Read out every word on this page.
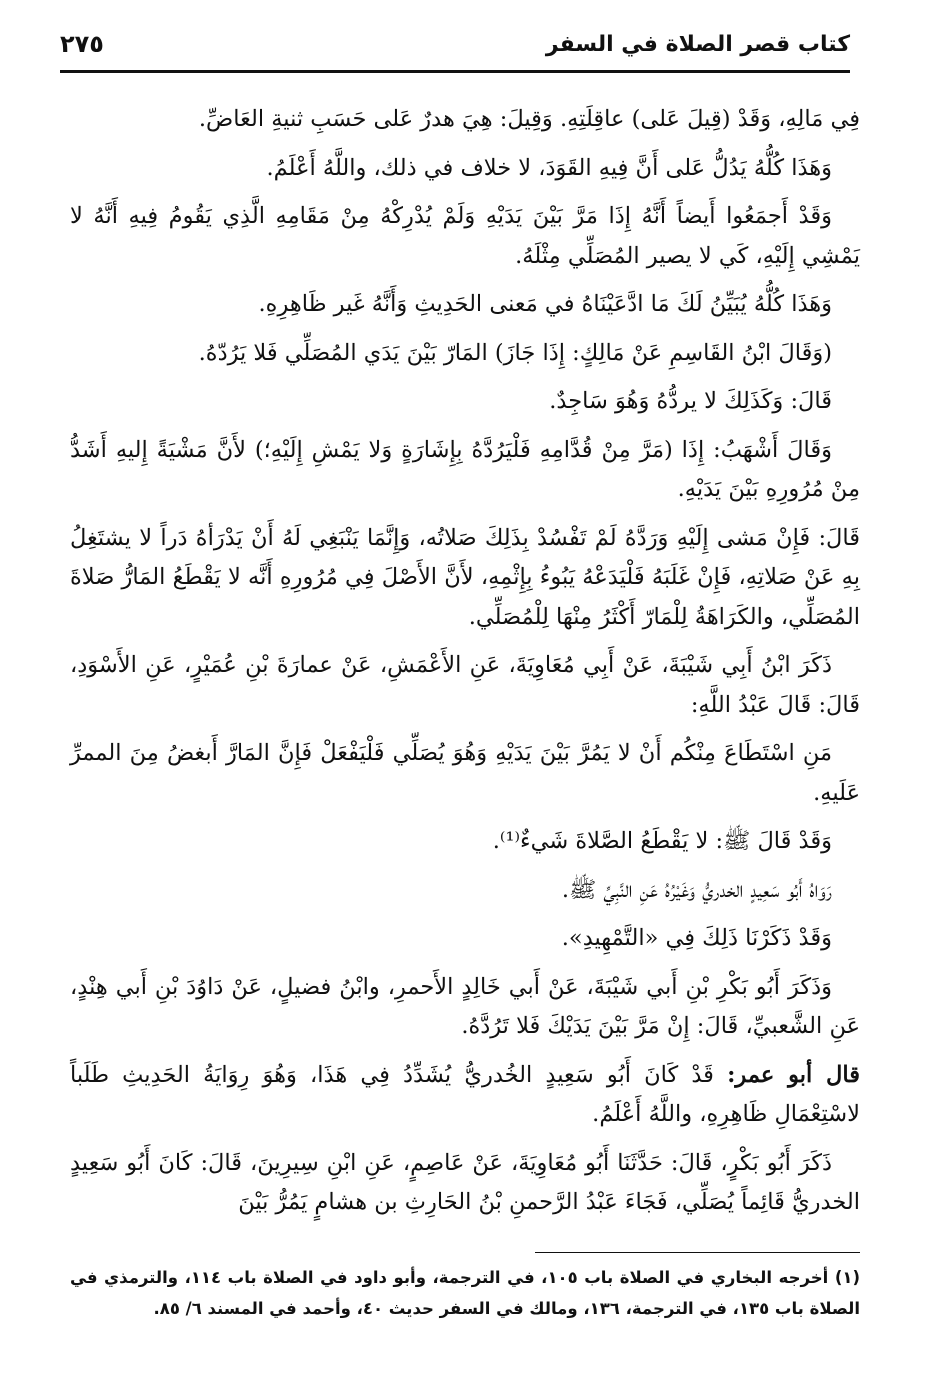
كتاب قصر الصلاة في السفر
٢٧٥

فِي مَالِهِ، وَقَدْ (قِيلَ عَلى) عاقِلَتِهِ. وَقِيلَ: هِيَ هدرٌ عَلى حَسَبِ ثنيةِ العَاضِّ.

وَهَذَا كُلُّهُ يَدُلُّ عَلى أَنَّ فِيهِ القَوَدَ، لا خلاف في ذلك، واللَّهُ أَعْلَمُ.

وَقَدْ أَجمَعُوا أَيضاً أَنَّهُ إِذَا مَرَّ بَيْنَ يَدَيْهِ وَلَمْ يُدْرِكْهُ مِنْ مَقَامِهِ الَّذِي يَقُومُ فِيهِ أَنَّهُ لا يَمْشِي إِلَيْهِ، كَي لا يصير المُصَلِّي مِثْلَهُ.

وَهَذَا كُلُّهُ يُبَيِّنُ لَكَ مَا ادَّعَيْنَاهُ في مَعنى الحَدِيثِ وَأَنَّهُ غَير ظَاهِرِهِ.

(وَقَالَ ابْنُ القَاسِمِ عَنْ مَالِكٍ: إِذَا جَازَ) المَارّ بَيْنَ يَدَي المُصَلِّي فَلا يَرُدّهُ.

قَالَ: وَكَذَلِكَ لا يردُّهُ وَهُوَ سَاجِدٌ.

وَقَالَ أَشْهَبُ: إِذَا (مَرَّ مِنْ قُدَّامِهِ فَلْيَرُدَّهُ بِإِشَارَةٍ وَلا يَمْشِ إِلَيْهِ؛) لأَنَّ مَشْيَةً إِليهِ أَشَدُّ مِنْ مُرُورِهِ بَيْنَ يَدَيْهِ.

قَالَ: فَإِنْ مَشى إِلَيْهِ وَرَدَّهُ لَمْ تَفْسُدْ بِذَلِكَ صَلاتُه، وَإِنَّمَا يَنْبَغِي لَهُ أَنْ يَدْرَأهُ دَراً لا يشتَغِلُ بِهِ عَنْ صَلاتِهِ، فَإِنْ غَلَبَهُ فَلْيَدَعْهُ يَبُوءُ بِإِثْمِهِ، لأَنَّ الأَصْلَ فِي مُرُورِهِ أَنَّه لا يَقْطَعُ المَارُّ صَلاةَ المُصَلِّي، والكَرَاهَةُ لِلْمَارّ أَكْثَرُ مِنْهَا لِلْمُصَلِّي.

ذَكَرَ ابْنُ أَبِي شَيْبَةَ، عَنْ أَبِي مُعَاوِيَةَ، عَنِ الأَعْمَشِ، عَنْ عمارَةَ بْنِ عُمَيْرٍ، عَنِ الأَسْوَدِ، قَالَ: قَالَ عَبْدُ اللَّهِ:

مَنِ اسْتَطَاعَ مِنْكُم أَنْ لا يَمُرَّ بَيْنَ يَدَيْهِ وَهُوَ يُصَلِّي فَلْيَفْعَلْ فَإِنَّ المَارَّ أَبغضُ مِنَ الممرِّ عَلَيهِ.

وَقَدْ قَالَ ﷺ: لا يَقْطَعُ الصَّلاةَ شَيءٌ⁽¹⁾.

رَوَاهُ أَبُو سَعِيدٍ الخدريُّ وَغَيْرُهُ عَنِ النَّبِيِّ ﷺ.

وَقَدْ ذَكَرْنَا ذَلِكَ فِي «التَّمْهِيدِ».

وَذَكَرَ أَبُو بَكْرِ بْنِ أَبي شَيْبَةَ، عَنْ أَبي خَالِدٍ الأَحمرِ، وابْنُ فضيلٍ، عَنْ دَاوُدَ بْنِ أَبي هِنْدٍ، عَنِ الشَّعبيِّ، قَالَ: إِنْ مَرَّ بَيْنَ يَدَيْكَ فَلا تَرُدَّهُ.

قال أبو عمر: قَدْ كَانَ أَبُو سَعِيدٍ الخُدريُّ يُشَدِّدُ فِي هَذَا، وَهُوَ رِوَايَةُ الحَدِيثِ طَلَباً لاسْتِعْمَالِ ظَاهِرِهِ، واللَّهُ أَعْلَمُ.

ذَكَرَ أَبُو بَكْرٍ، قَالَ: حَدَّثَنَا أَبُو مُعَاوِيَةَ، عَنْ عَاصِمٍ، عَنِ ابْنِ سِيرِينَ، قَالَ: كَانَ أَبُو سَعِيدٍ الخدريُّ قَائِماً يُصَلِّي، فَجَاءَ عَبْدُ الرَّحمنِ بْنُ الحَارِثِ بن هشامٍ يَمُرُّ بَيْنَ

(١) أخرجه البخاري في الصلاة باب ١٠٥، في الترجمة، وأبو داود في الصلاة باب ١١٤، والترمذي في الصلاة باب ١٣٥، في الترجمة، ١٣٦، ومالك في السفر حديث ٤٠، وأحمد في المسند ٦/ ٨٥.
